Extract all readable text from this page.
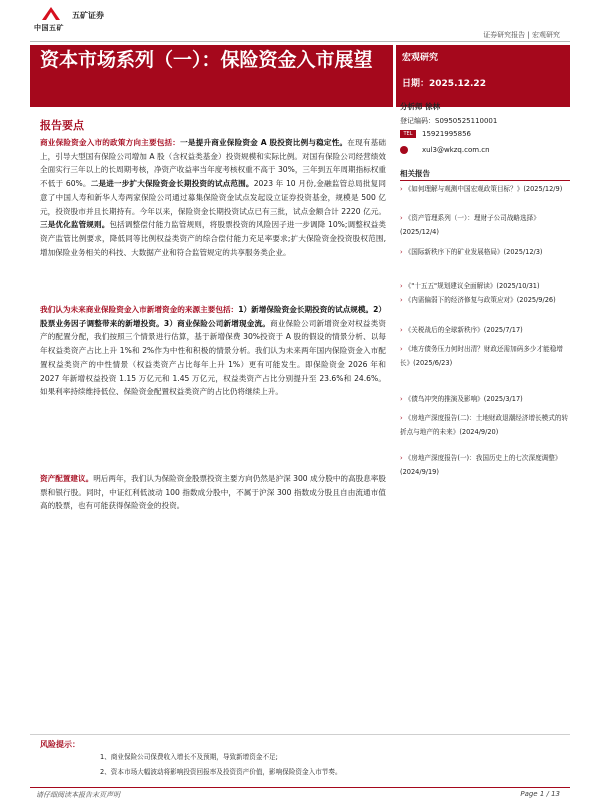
中国五矿
五矿证券
证券研究报告 | 宏观研究
资本市场系列（一）：保险资金入市展望	宏观研究
日期：2025.12.22
报告要点
商业保险资金入市的政策方向主要包括：一是提升商业保险资金 A 股投资比例与稳定性。在现有基础上，引导大型国有保险公司增加 A 股（含权益类基金）投资规模和实际比例。对国有保险公司经营绩效全面实行三年以上的长周期考核，净资产收益率当年度考核权重不高于 30%，三年到五年周期指标权重不低于 60%。二是进一步扩大保险资金长期投资的试点范围。2023 年 10 月份,金融监管总局批复同意了中国人寿和新华人寿两家保险公司通过募集保险资金试点发起设立证券投资基金，规模是 500 亿元，投资股市并且长期持有。今年以来，保险资金长期投资试点已有三批，试点金额合计 2220 亿元。三是优化监管规则。包括调整偿付能力监管规则，将股票投资的风险因子进一步调降 10%;调整权益类资产监管比例要求，降低同等比例权益类资产的综合偿付能力充足率要求;扩大保险资金投资股权范围,增加保险业务相关的科技、大数据产业和符合监管规定的共享服务类企业。
我们认为未来商业保险资金入市新增资金的来源主要包括：1）新增保险资金长期投资的试点规模。2）股票业务因子调整带来的新增投资。3）商业保险公司新增现金流。商业保险公司新增资金对权益类资产的配置分配，我们按照三个情景进行估算，基于新增保费 30%投资于 A 股的假设的情景分析、以每年权益类资产占比上升 1%和 2%作为中性和积极的情景分析。我们认为未来两年国内保险资金入市配置权益类资产的中性情景（权益类资产占比每年上升 1%）更有可能发生。即保险资金 2026 年和 2027 年新增权益投资 1.15 万亿元和 1.45 万亿元，权益类资产占比分别提升至 23.6%和 24.6%。如果利率持续维持低位、保险资金配置权益类资产的占比仍将继续上升。
资产配置建议。明后两年，我们认为保险资金股票投资主要方向仍然是沪深 300 成分股中的高股息率股票和银行股。同时，中证红利低波动 100 指数成分股中，不属于沪深 300 指数成分股且自由流通市值高的股票，也有可能获得保险资金的投资。
分析师 徐林
登记编码：S0950525110001
TEL	15921995856
xul3@wkzq.com.cn
相关报告
› 《如何理解与观测中国宏观政策目标？》(2025/12/9)
› 《资产管理系列（一）：理财子公司战略选择》(2025/12/4)
› 《国际新秩序下的矿业发展格局》(2025/12/3)
› 《"十五五"规划建议全面解读》(2025/10/31)
› 《内需偏弱下的经济修复与政策应对》(2025/9/26)
› 《关税战后的全球新秩序》(2025/7/17)
› 《地方债务压力何时出清？财政还需加码多少才能稳增长》(2025/6/23)
› 《债鸟冲突的推演及影响》(2025/3/17)
› 《房地产深度报告(二)：土地财政退潮经济增长模式的转折点与地产的未来》(2024/9/20)
› 《房地产深度报告(一)：我国历史上的七次深度调整》(2024/9/19)
风险提示：
1、商业保险公司保费收入增长不及预期，导致新增资金不足;
2、资本市场大幅波动将影响投资回报率及投资资产价值，影响保险资金入市节奏。
请仔细阅读本报告末页声明	Page 1 / 13
